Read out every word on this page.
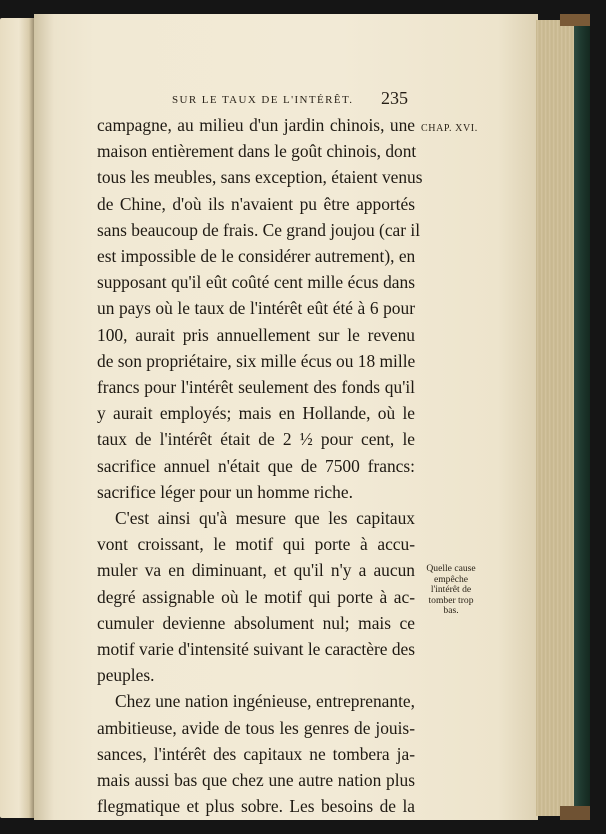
SUR LE TAUX DE L'INTÉRÊT. 235
CHAP. XVI.
Quelle cause
empêche
l'intérêt de
tomber trop
bas.
campagne, au milieu d'un jardin chinois, une
maison entièrement dans le goût chinois, dont
tous les meubles, sans exception, étaient venus
de Chine, d'où ils n'avaient pu être apportés
sans beaucoup de frais. Ce grand joujou (car il
est impossible de le considérer autrement), en
supposant qu'il eût coûté cent mille écus dans
un pays où le taux de l'intérêt eût été à 6 pour
100, aurait pris annuellement sur le revenu
de son propriétaire, six mille écus ou 18 mille
francs pour l'intérêt seulement des fonds qu'il
y aurait employés; mais en Hollande, où le
taux de l'intérêt était de 2 ½ pour cent, le
sacrifice annuel n'était que de 7500 francs:
sacrifice léger pour un homme riche.
C'est ainsi qu'à mesure que les capitaux
vont croissant, le motif qui porte à accu-
muler va en diminuant, et qu'il n'y a aucun
degré assignable où le motif qui porte à ac-
cumuler devienne absolument nul; mais ce
motif varie d'intensité suivant le caractère des
peuples.
Chez une nation ingénieuse, entreprenante,
ambitieuse, avide de tous les genres de jouis-
sances, l'intérêt des capitaux ne tombera ja-
mais aussi bas que chez une autre nation plus
flegmatique et plus sobre. Les besoins de la
